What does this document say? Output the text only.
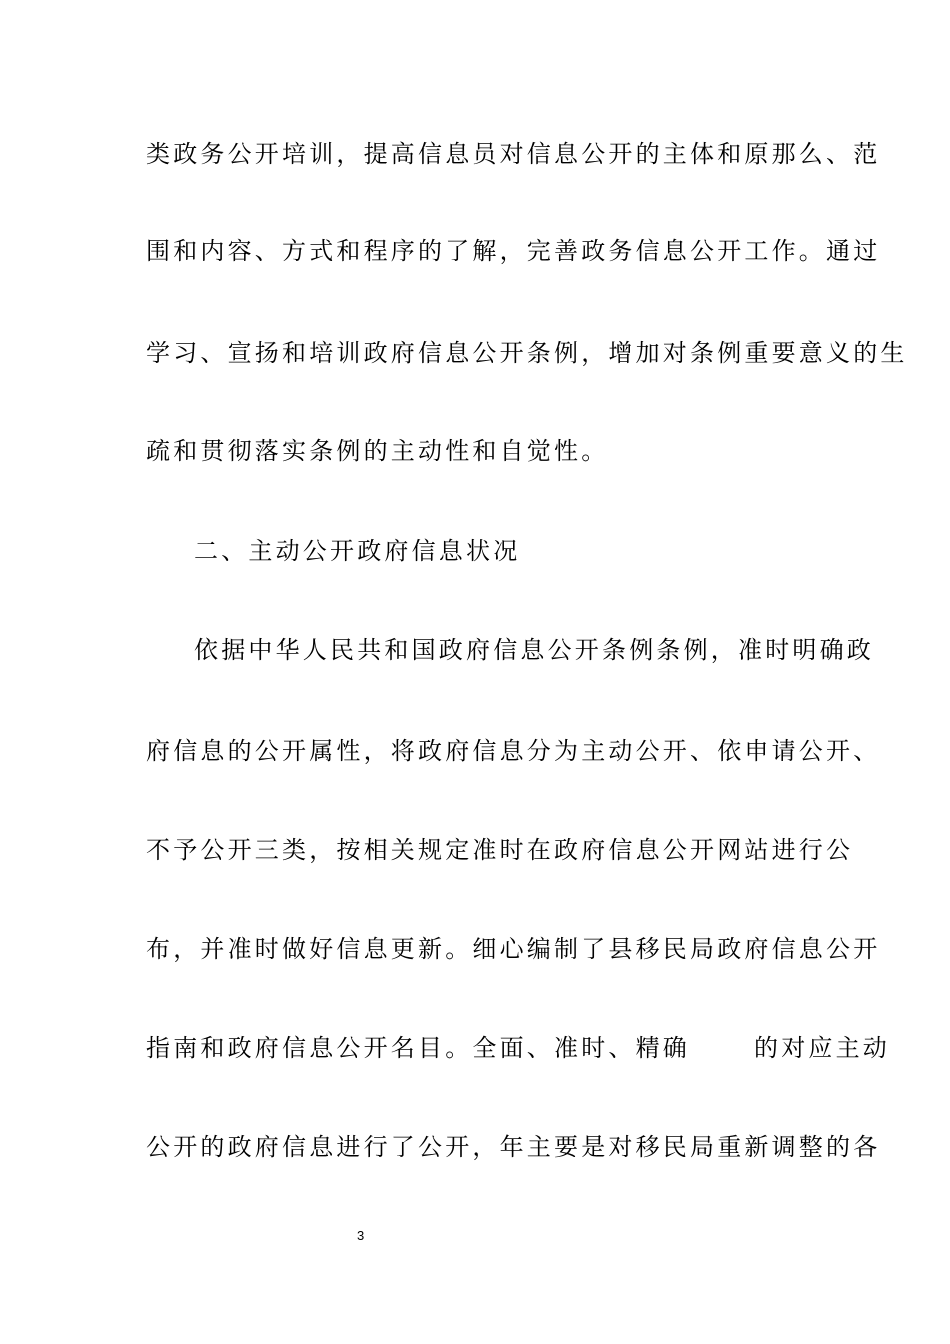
类政务公开培训，提高信息员对信息公开的主体和原那么、范
围和内容、方式和程序的了解，完善政务信息公开工作。通过
学习、宣扬和培训政府信息公开条例，增加对条例重要意义的生
疏和贯彻落实条例的主动性和自觉性。
二、主动公开政府信息状况
依据中华人民共和国政府信息公开条例条例，准时明确政
府信息的公开属性，将政府信息分为主动公开、依申请公开、
不予公开三类，按相关规定准时在政府信息公开网站进行公
布，并准时做好信息更新。细心编制了县移民局政府信息公开
指南和政府信息公开名目。全面、准时、精确	的对应主动
公开的政府信息进行了公开，年主要是对移民局重新调整的各
3
